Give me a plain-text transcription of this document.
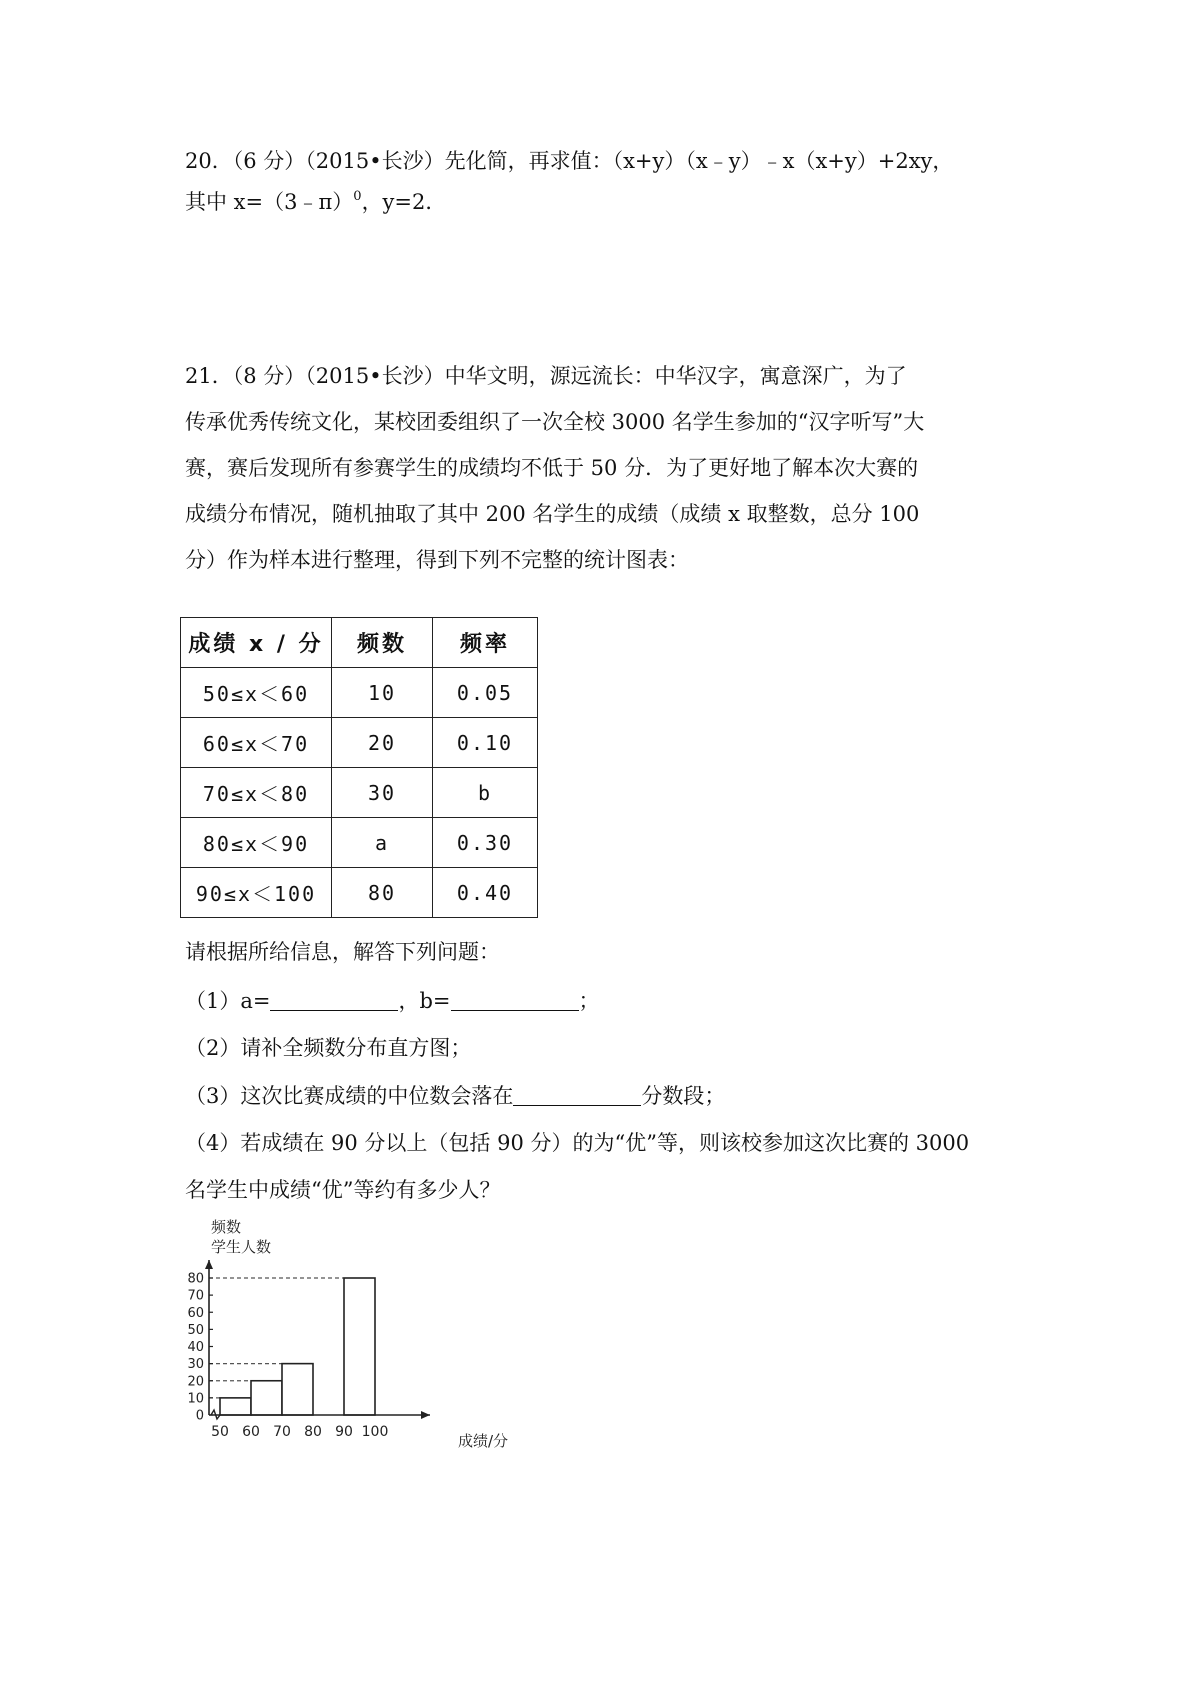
20．（6 分）（2015•长沙）先化简，再求值：（x+y）（x﹣y）﹣x（x+y）+2xy，
其中 x=（3﹣π）$^0$，y=2．
21．（8 分）（2015•长沙）中华文明，源远流长：中华汉字，寓意深广，为了
传承优秀传统文化，某校团委组织了一次全校 3000 名学生参加的“汉字听写”大
赛，赛后发现所有参赛学生的成绩均不低于 50 分．为了更好地了解本次大赛的
成绩分布情况，随机抽取了其中 200 名学生的成绩（成绩 x 取整数，总分 100
分）作为样本进行整理，得到下列不完整的统计图表：
成绩 x / 分	频数	频率
50≤x＜60	10	0.05
60≤x＜70	20	0.10
70≤x＜80	30	b
80≤x＜90	a	0.30
90≤x＜100	80	0.40
请根据所给信息，解答下列问题：
（1）a=	，b=	；
（2）请补全频数分布直方图；
（3）这次比赛成绩的中位数会落在	分数段；
（4）若成绩在 90 分以上（包括 90 分）的为“优”等，则该校参加这次比赛的 3000
名学生中成绩“优”等约有多少人？
频数
学生人数
成绩/分
0
10
20
30
40
50
60
70
80
50 60 70 80 90 100
